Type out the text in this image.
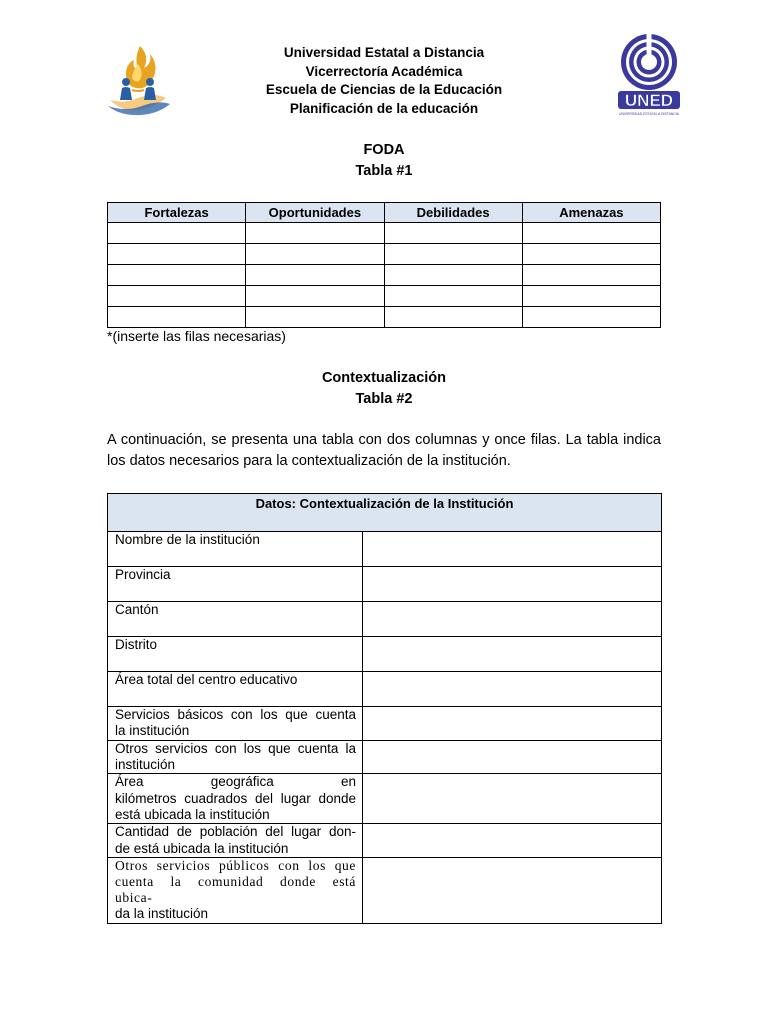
Universidad Estatal a Distancia
Vicerrectoría Académica
Escuela de Ciencias de la Educación
Planificación de la educación	UNED
UNIVERSIDAD ESTATAL A DISTANCIA
FODA
Tabla #1
Fortalezas	Oportunidades	Debilidades	Amenazas

*(inserte las filas necesarias)
Contextualización
Tabla #2
A continuación, se presenta una tabla con dos columnas y once filas. La tabla indica los datos necesarios para la contextualización de la institución.
Datos: Contextualización de la Institución	

Nombre de la institución	

Provincia	

Cantón	

Distrito	

Área total del centro educativo	

Servicios básicos con los que cuenta
la institución	

Otros servicios con los que cuenta la
institución	

Área geográfica en
kilómetros cuadrados del lugar donde
está ubicada la institución	

Cantidad de población del lugar don-
de está ubicada la institución	

Otros servicios públicos con los que
cuenta la comunidad donde está ubica-
da la institución	
